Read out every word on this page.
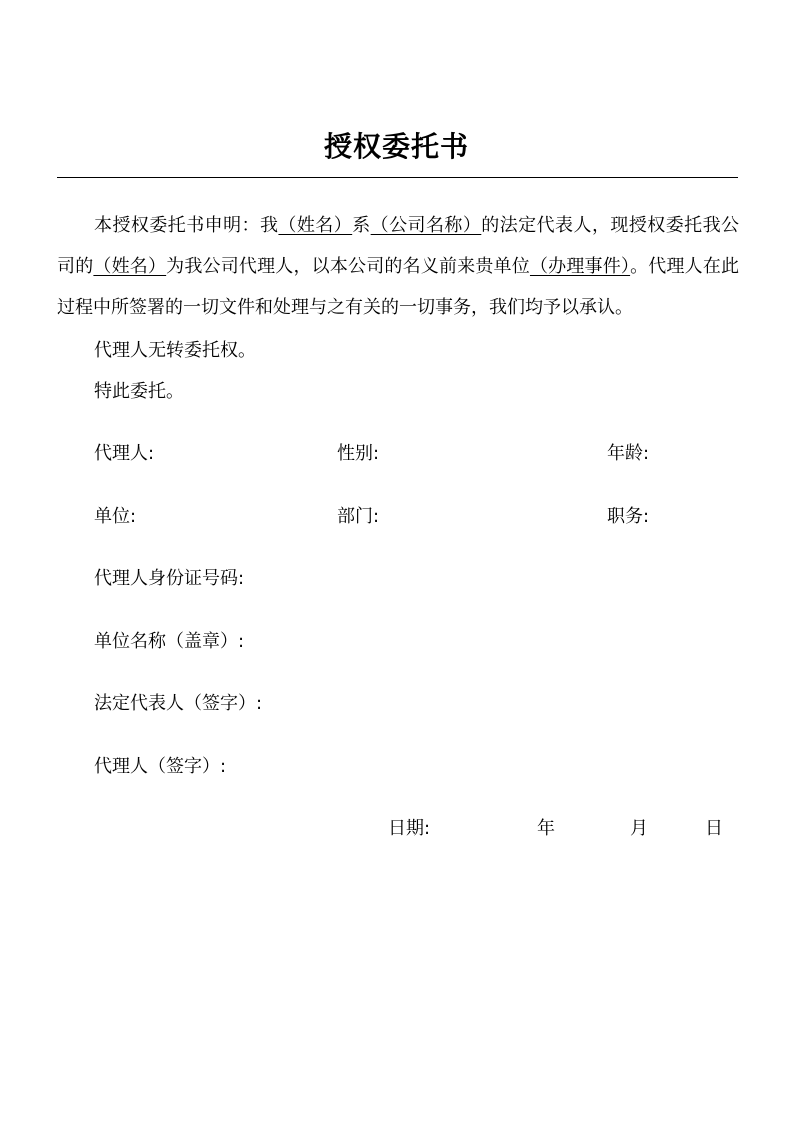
授权委托书
本授权委托书申明：我（姓名）系（公司名称）的法定代表人，现授权委托我公司的（姓名）为我公司代理人，以本公司的名义前来贵单位（办理事件）。代理人在此过程中所签署的一切文件和处理与之有关的一切事务，我们均予以承认。
代理人无转委托权。
特此委托。
代理人:	性别:	年龄:
单位:	部门:	职务:
代理人身份证号码:
单位名称（盖章）:
法定代表人（签字）:
代理人（签字）:
日期:	年	月	日
